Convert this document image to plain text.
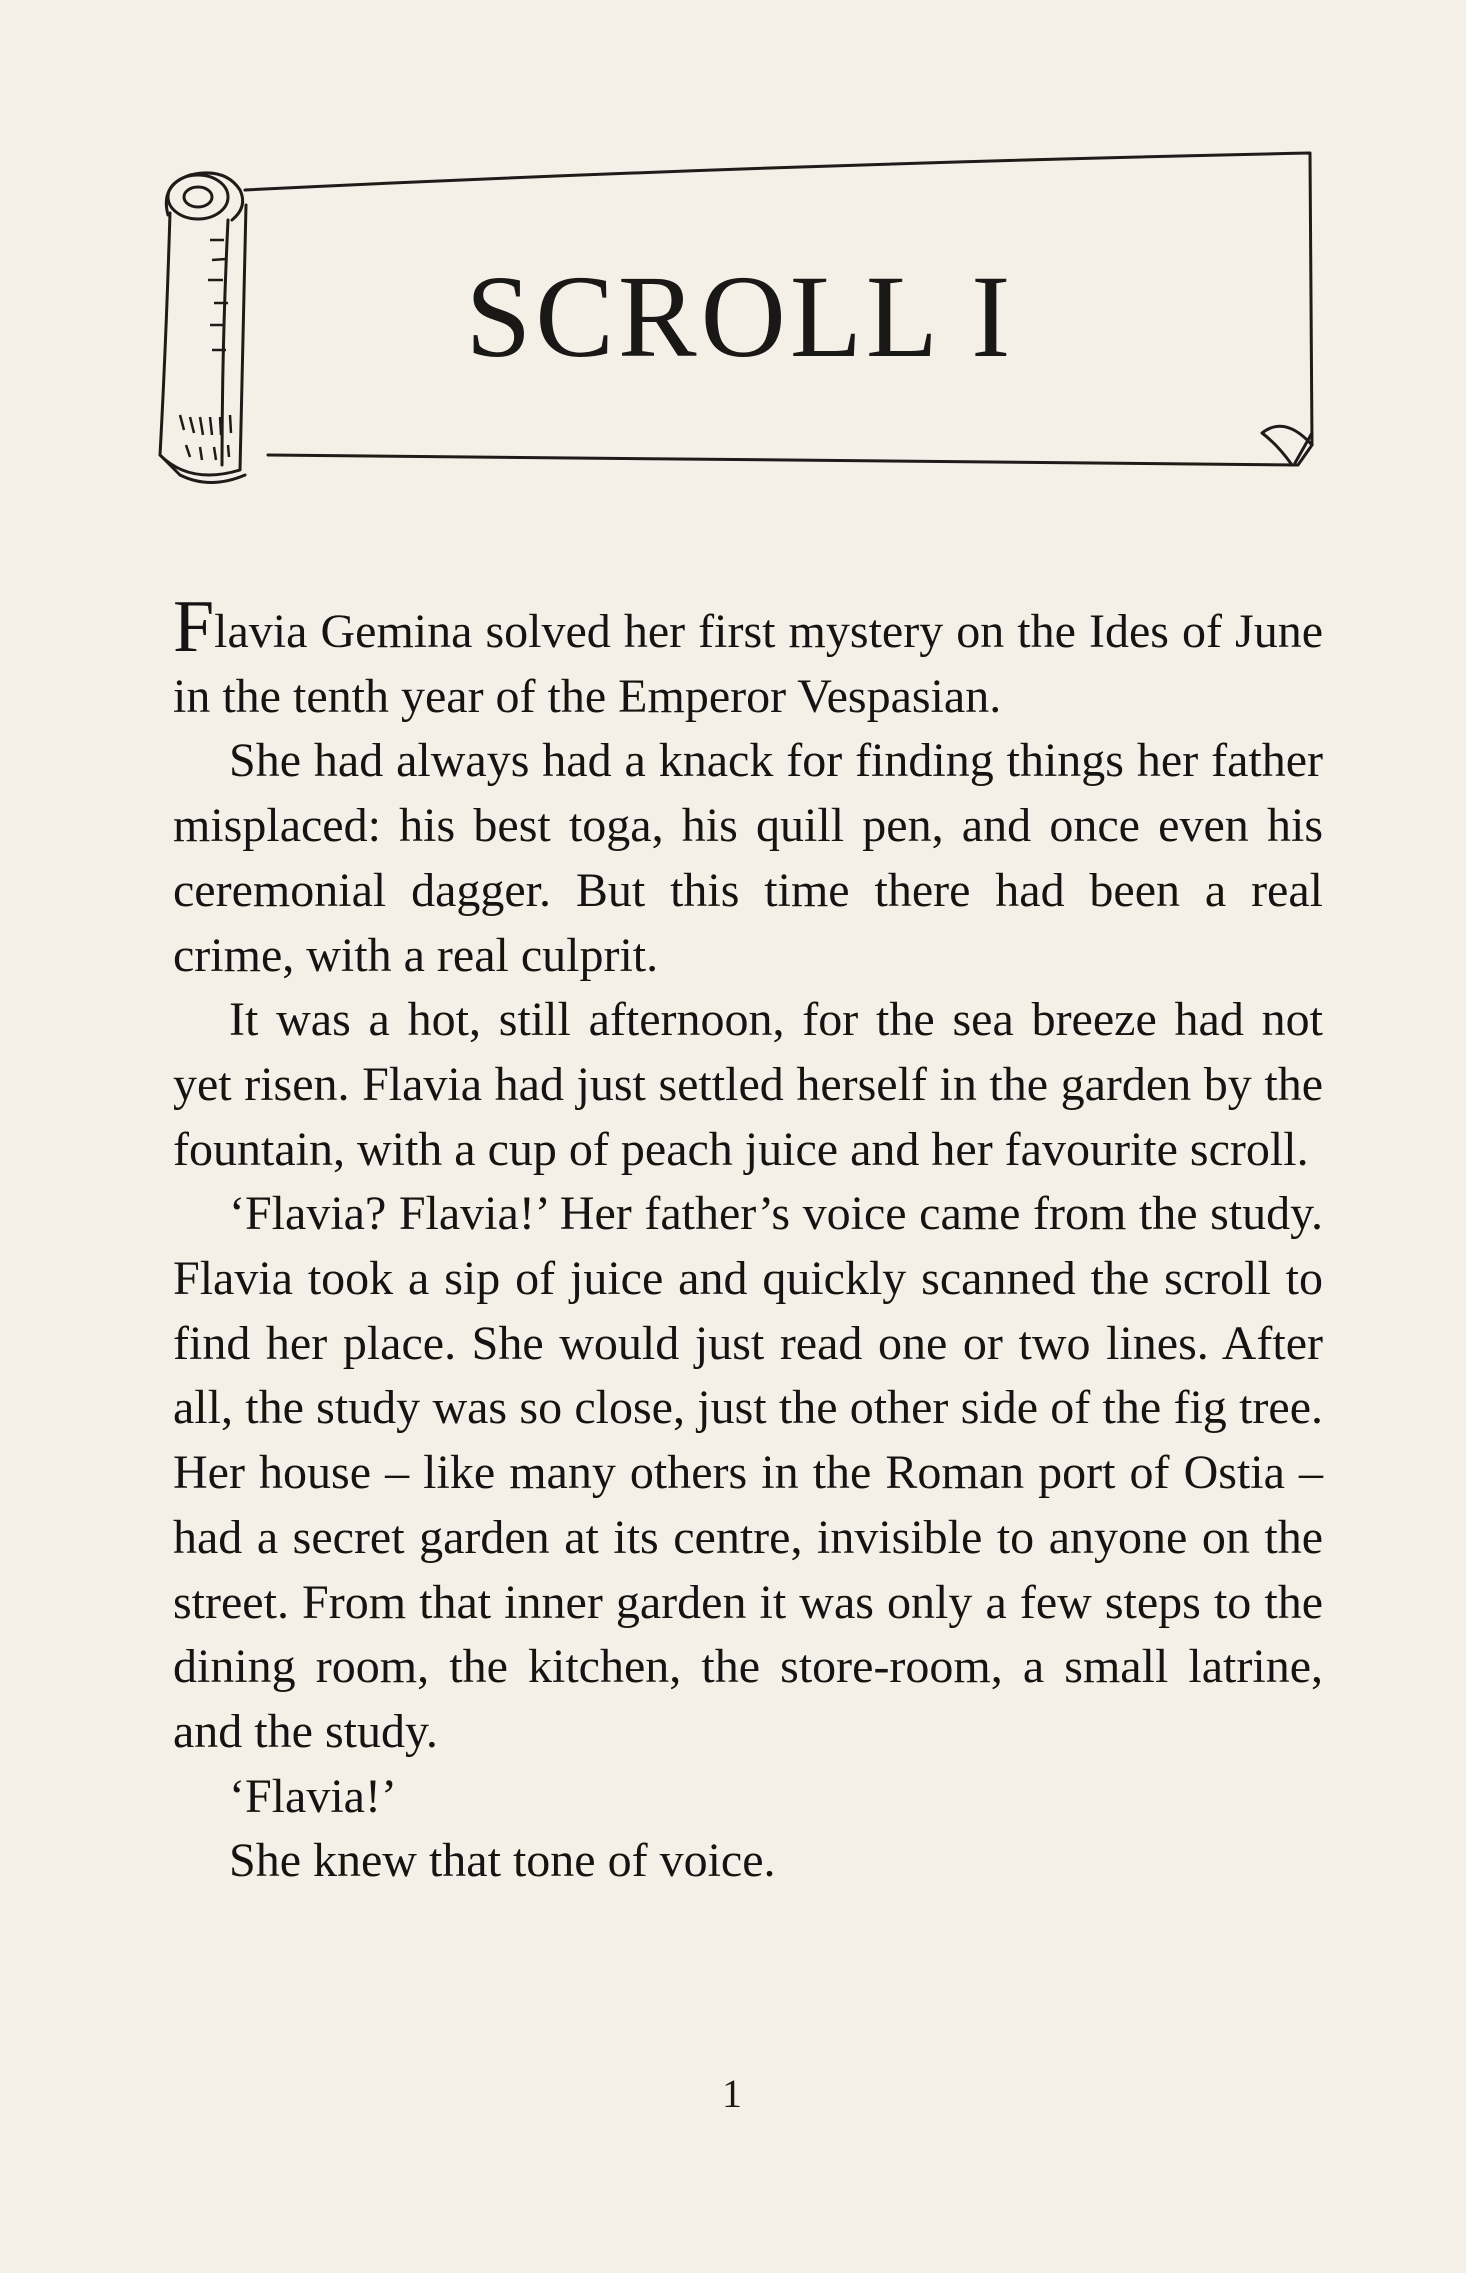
SCROLL I

Flavia Gemina solved her first mystery on the Ides of June in the tenth year of the Emperor Vespasian.

She had always had a knack for finding things her father misplaced: his best toga, his quill pen, and once even his ceremonial dagger. But this time there had been a real crime, with a real culprit.

It was a hot, still afternoon, for the sea breeze had not yet risen. Flavia had just settled herself in the garden by the fountain, with a cup of peach juice and her favourite scroll.

‘Flavia? Flavia!’ Her father’s voice came from the study. Flavia took a sip of juice and quickly scanned the scroll to find her place. She would just read one or two lines. After all, the study was so close, just the other side of the fig tree. Her house – like many others in the Roman port of Ostia – had a secret garden at its centre, invisible to anyone on the street. From that inner garden it was only a few steps to the dining room, the kitchen, the store-room, a small latrine, and the study.

‘Flavia!’

She knew that tone of voice.

1
